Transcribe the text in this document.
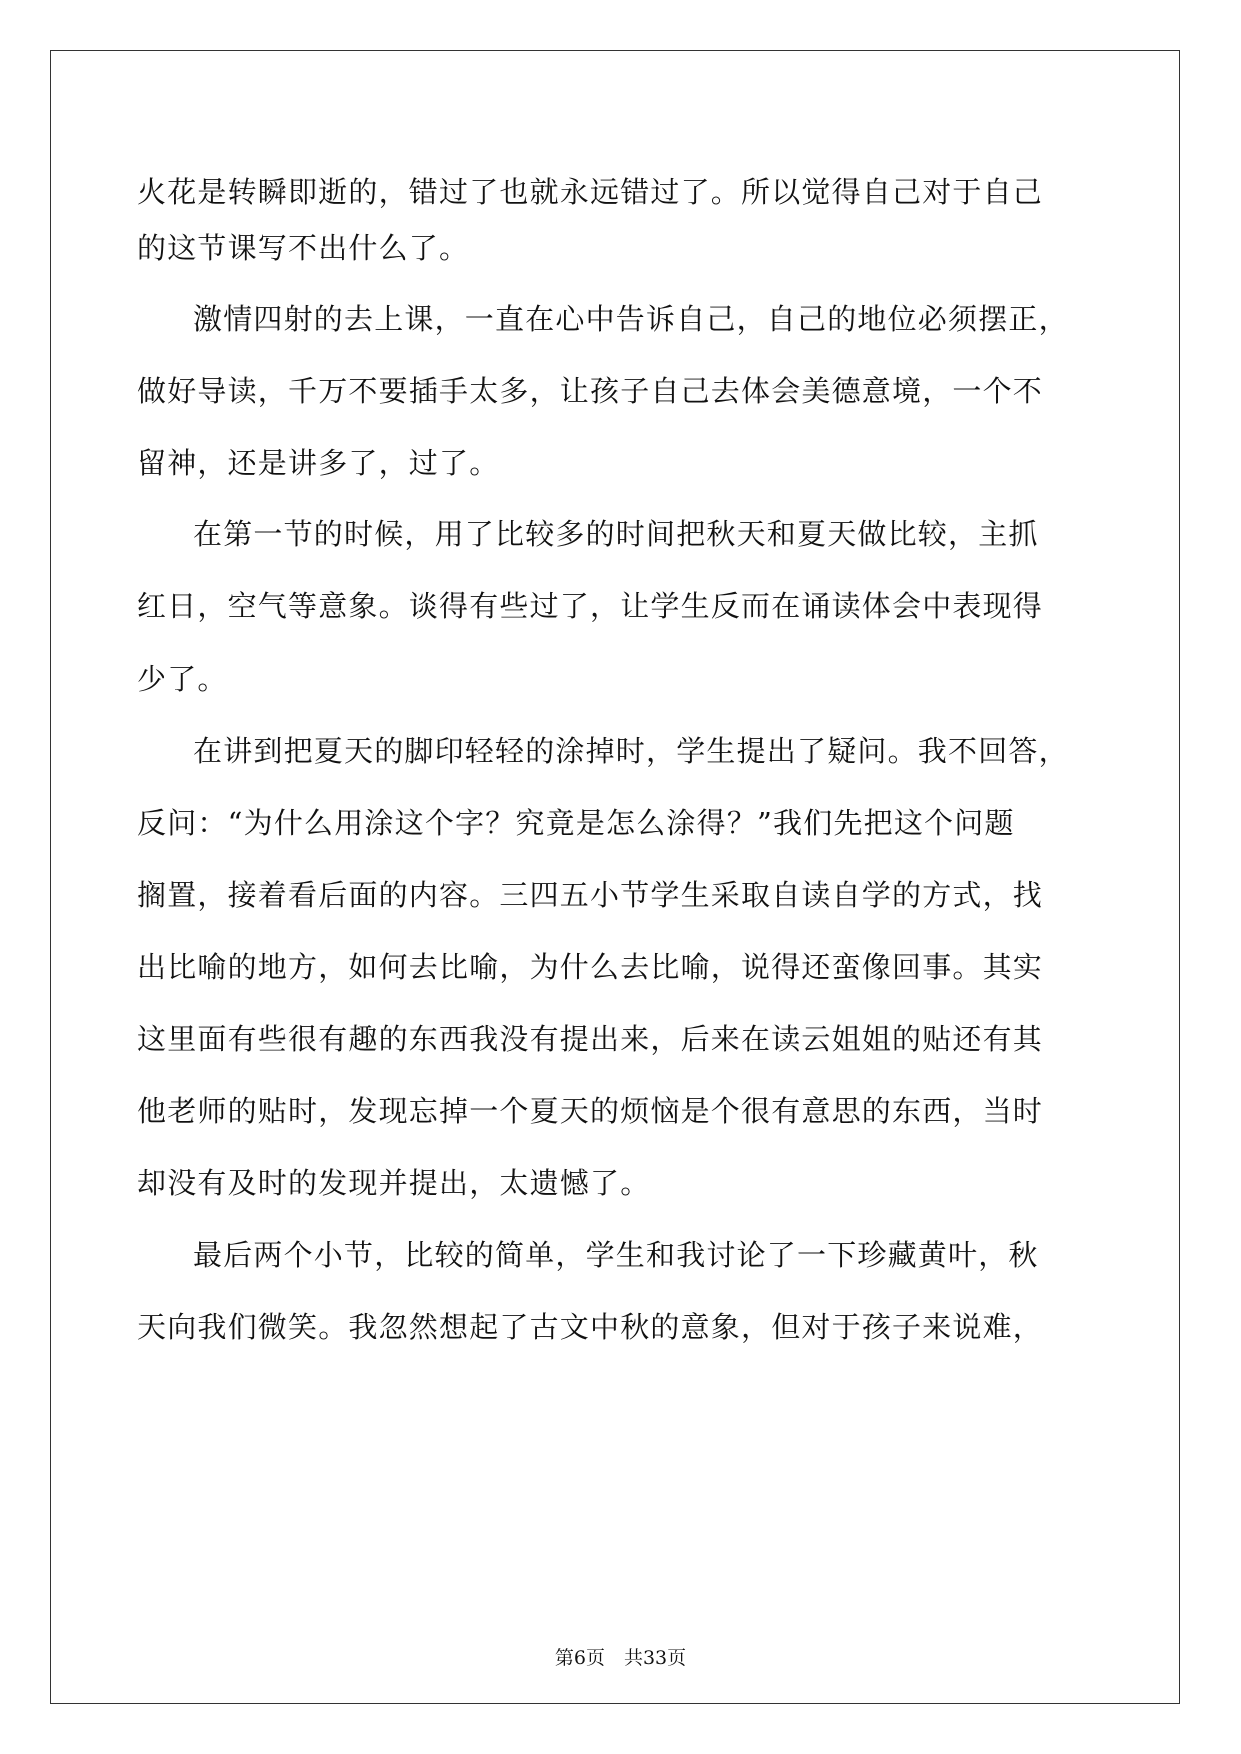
火花是转瞬即逝的，错过了也就永远错过了。所以觉得自己对于自己
的这节课写不出什么了。
激情四射的去上课，一直在心中告诉自己，自己的地位必须摆正，
做好导读，千万不要插手太多，让孩子自己去体会美德意境，一个不
留神，还是讲多了，过了。
在第一节的时候，用了比较多的时间把秋天和夏天做比较，主抓
红日，空气等意象。谈得有些过了，让学生反而在诵读体会中表现得
少了。
在讲到把夏天的脚印轻轻的涂掉时，学生提出了疑问。我不回答，
反问：“为什么用涂这个字？究竟是怎么涂得？”我们先把这个问题
搁置，接着看后面的内容。三四五小节学生采取自读自学的方式，找
出比喻的地方，如何去比喻，为什么去比喻，说得还蛮像回事。其实
这里面有些很有趣的东西我没有提出来，后来在读云姐姐的贴还有其
他老师的贴时，发现忘掉一个夏天的烦恼是个很有意思的东西，当时
却没有及时的发现并提出，太遗憾了。
最后两个小节，比较的简单，学生和我讨论了一下珍藏黄叶，秋
天向我们微笑。我忽然想起了古文中秋的意象，但对于孩子来说难，
第6页　共33页
